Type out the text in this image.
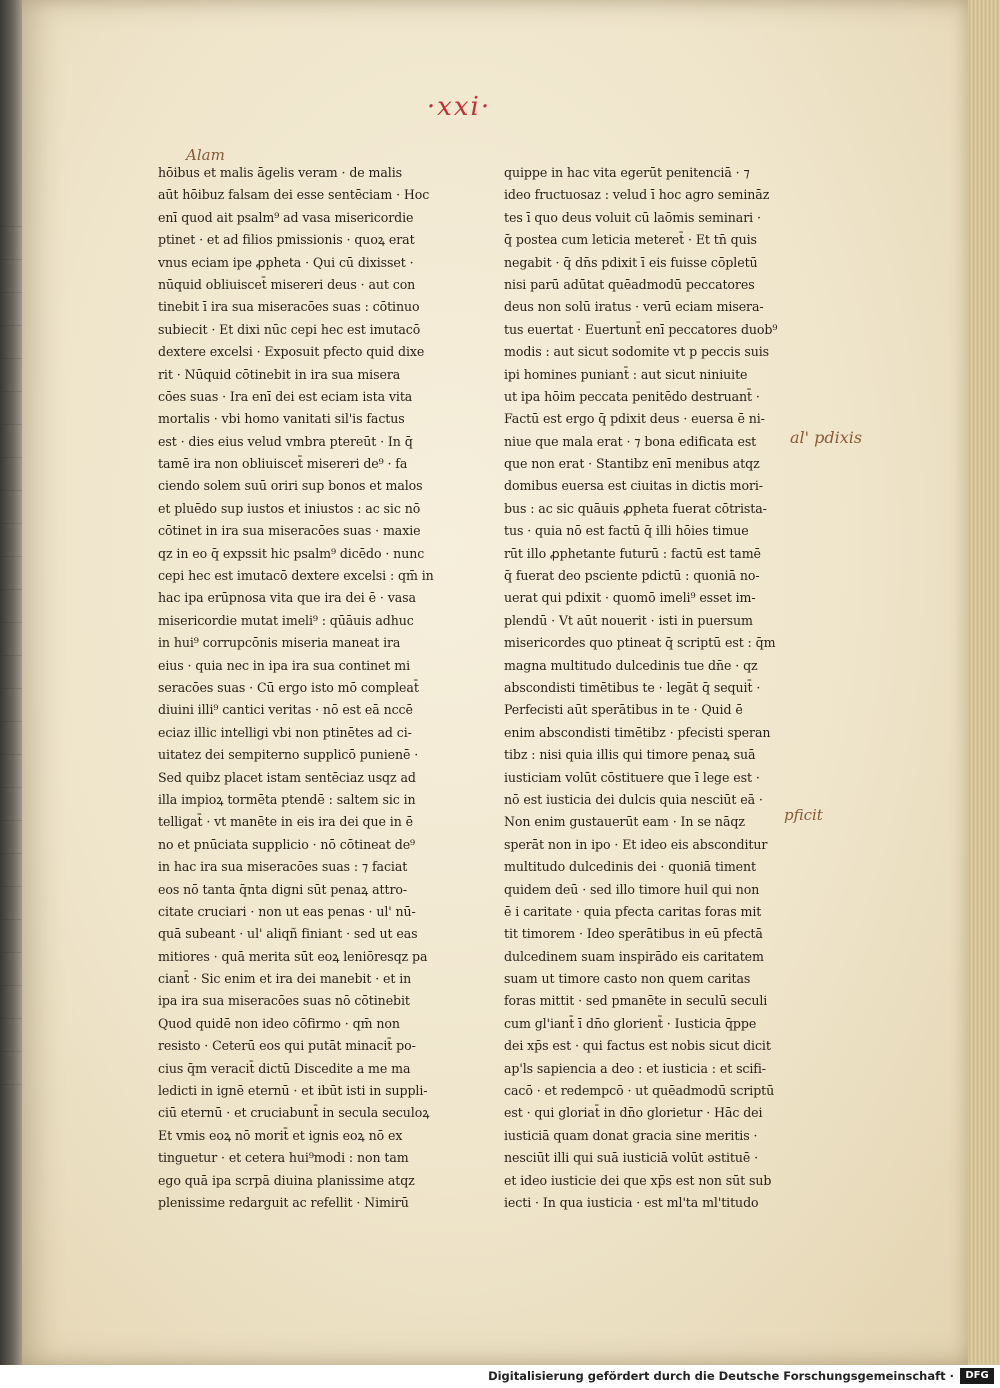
·xxi·
Alam
al' pdixis
pficit
hōibus et malis āgelis veram · de malis
aūt hōibuz falsam dei esse sentēciam · Hoc
enī quod ait psalm⁹ ad vasa misericordie
ptinet · et ad filios pmissionis · quoꝝ erat
vnus eciam ipe ꝓpheta · Qui cū dixisset ·
nūquid obliuiscet̄ misereri deus · aut con
tinebit ī ira sua miseracōes suas : cōtinuo
subiecit · Et dixi nūc cepi hec est imutacō
dextere excelsi · Exposuit pfecto quid dixe
rit · Nūquid cōtinebit in ira sua misera
cōes suas · Ira enī dei est eciam ista vita
mortalis · vbi homo vanitati sil'is factus
est · dies eius velud vmbra ptereūt · In q̄
tamē ira non obliuiscet̄ misereri de⁹ · fa
ciendo solem suū oriri sup bonos et malos
et pluēdo sup iustos et iniustos : ac sic nō
cōtinet in ira sua miseracōes suas · maxie
qz in eo q̄ expssit hic psalm⁹ dicēdo · nunc
cepi hec est imutacō dextere excelsi : qm̄ in
hac ipa erūpnosa vita que ira dei ē · vasa
misericordie mutat imeli⁹ : qūāuis adhuc
in hui⁹ corrupcōnis miseria maneat ira
eius · quia nec in ipa ira sua continet mi
seracōes suas · Cū ergo isto mō compleat̄
diuini illi⁹ cantici veritas · nō est eā nccē
eciaz illic intelligi vbi non ptinētes ad ci-
uitatez dei sempiterno supplicō punienē ·
Sed quibz placet istam sentēciaz usqz ad
illa impioꝝ tormēta ptendē : saltem sic in
telligat̄ · vt manēte in eis ira dei que in ē
no et pnūciata supplicio · nō cōtineat de⁹
in hac ira sua miseracōes suas : ⁊ faciat
eos nō tanta q̄nta digni sūt penaꝝ attro-
citate cruciari · non ut eas penas · ul' nū-
quā subeant · ul' aliqñ finiant · sed ut eas
mitiores · quā merita sūt eoꝝ leniōresqz pa
ciant̄ · Sic enim et ira dei manebit · et in
ipa ira sua miseracōes suas nō cōtinebit
Quod quidē non ideo cōfirmo · qm̄ non
resisto · Ceterū eos qui putāt minacit̄ po-
cius q̄m veracit̄ dictū Discedite a me ma
ledicti in ignē eternū · et ibūt isti in suppli-
ciū eternū · et cruciabunt̄ in secula seculoꝝ
Et vmis eoꝝ nō morit̄ et ignis eoꝝ nō ex
tinguetur · et cetera hui⁹modi : non tam
ego quā ipa scrpā diuina planissime atqz
plenissime redarguit ac refellit · Nimirū
quippe in hac vita egerūt penitenciā · ⁊
ideo fructuosaz : velud ī hoc agro semināz
tes ī quo deus voluit cū laōmis seminari ·
q̄ postea cum leticia meteret̄ · Et tn̄ quis
negabit · q̄ dn̄s pdixit ī eis fuisse cōpletū
nisi parū adūtat quēadmodū peccatores
deus non solū iratus · verū eciam misera-
tus euertat · Euertunt̄ enī peccatores duob⁹
modis : aut sicut sodomite vt p peccis suis
ipi homines puniant̄ : aut sicut niniuite
ut ipa hōim peccata penitēdo destruant̄ ·
Factū est ergo q̄ pdixit deus · euersa ē ni-
niue que mala erat · ⁊ bona edificata est
que non erat · Stantibz enī menibus atqz
domibus euersa est ciuitas in dictis mori-
bus : ac sic quāuis ꝓpheta fuerat cōtrista-
tus · quia nō est factū q̄ illi hōies timue
rūt illo ꝓphetante futurū : factū est tamē
q̄ fuerat deo psciente pdictū : quoniā no-
uerat qui pdixit · quomō imeli⁹ esset im-
plendū · Vt aūt nouerit · isti in puersum
misericordes quo ptineat q̄ scriptū est : q̄m
magna multitudo dulcedinis tue dn̄e · qz
abscondisti timētibus te · legāt q̄ sequit̄ ·
Perfecisti aūt sperātibus in te · Quid ē
enim abscondisti timētibz · pfecisti speran
tibz : nisi quia illis qui timore penaꝝ suā
iusticiam volūt cōstituere que ī lege est ·
nō est iusticia dei dulcis quia nesciūt eā ·
Non enim gustauerūt eam · In se nāqz
sperāt non in ipo · Et ideo eis absconditur
multitudo dulcedinis dei · quoniā timent
quidem deū · sed illo timore huil qui non
ē i caritate · quia pfecta caritas foras mit
tit timorem · Ideo sperātibus in eū pfectā
dulcedinem suam inspirādo eis caritatem
suam ut timore casto non quem caritas
foras mittit · sed pmanēte in seculū seculi
cum gl'iant̄ ī dn̄o glorient̄ · Iusticia q̄ppe
dei xp̄s est · qui factus est nobis sicut dicit
ap'ls sapiencia a deo : et iusticia : et scifi-
cacō · et redempcō · ut quēadmodū scriptū
est · qui gloriat̄ in dn̄o glorietur · Hāc dei
iusticiā quam donat gracia sine meritis ·
nesciūt illi qui suā iusticiā volūt əstituē ·
et ideo iusticie dei que xp̄s est non sūt sub
iecti · In qua iusticia · est ml'ta ml'titudo
Digitalisierung gefördert durch die Deutsche Forschungsgemeinschaft ·	DFG
